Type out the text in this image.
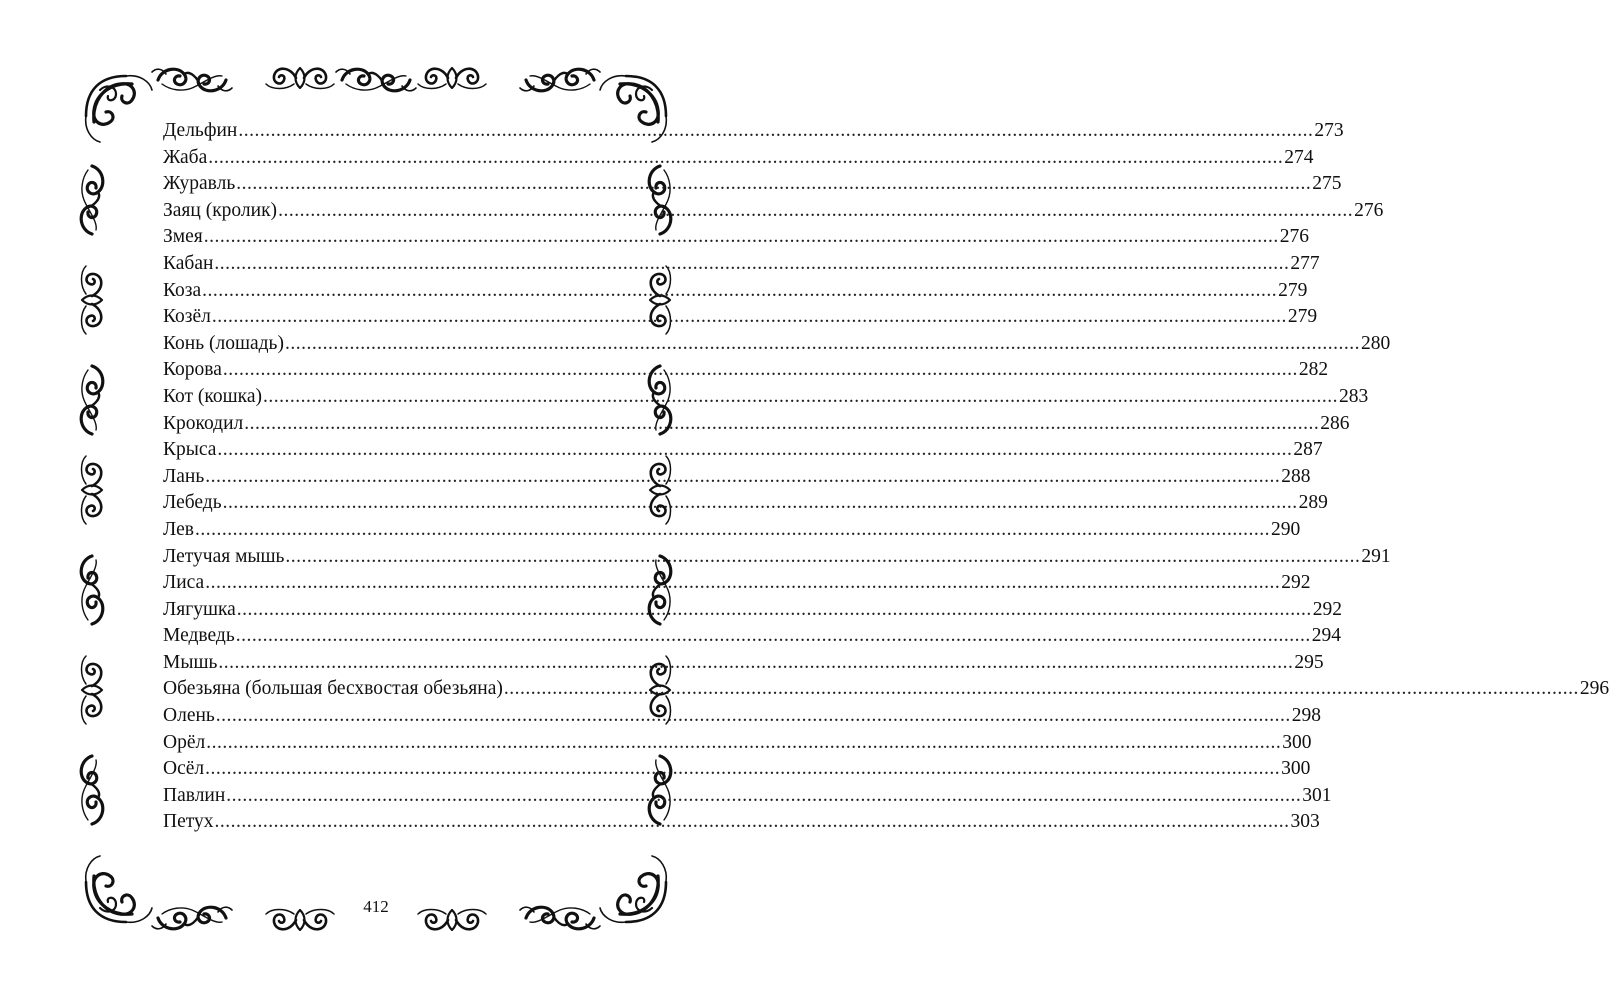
Дельфин ........................................................................................................................................................................................................ 273
Жаба ........................................................................................................................................................................................................ 274
Журавль ........................................................................................................................................................................................................ 275
Заяц (кролик) ........................................................................................................................................................................................................ 276
Змея ........................................................................................................................................................................................................ 276
Кабан ........................................................................................................................................................................................................ 277
Коза ........................................................................................................................................................................................................ 279
Козёл ........................................................................................................................................................................................................ 279
Конь (лошадь) ........................................................................................................................................................................................................ 280
Корова ........................................................................................................................................................................................................ 282
Кот (кошка) ........................................................................................................................................................................................................ 283
Крокодил ........................................................................................................................................................................................................ 286
Крыса ........................................................................................................................................................................................................ 287
Лань ........................................................................................................................................................................................................ 288
Лебедь ........................................................................................................................................................................................................ 289
Лев ........................................................................................................................................................................................................ 290
Летучая мышь ........................................................................................................................................................................................................ 291
Лиса ........................................................................................................................................................................................................ 292
Лягушка ........................................................................................................................................................................................................ 292
Медведь ........................................................................................................................................................................................................ 294
Мышь ........................................................................................................................................................................................................ 295
Обезьяна (большая бесхвостая обезьяна) ........................................................................................................................................................................................................ 296
Олень ........................................................................................................................................................................................................ 298
Орёл ........................................................................................................................................................................................................ 300
Осёл ........................................................................................................................................................................................................ 300
Павлин ........................................................................................................................................................................................................ 301
Петух ........................................................................................................................................................................................................ 303
412
